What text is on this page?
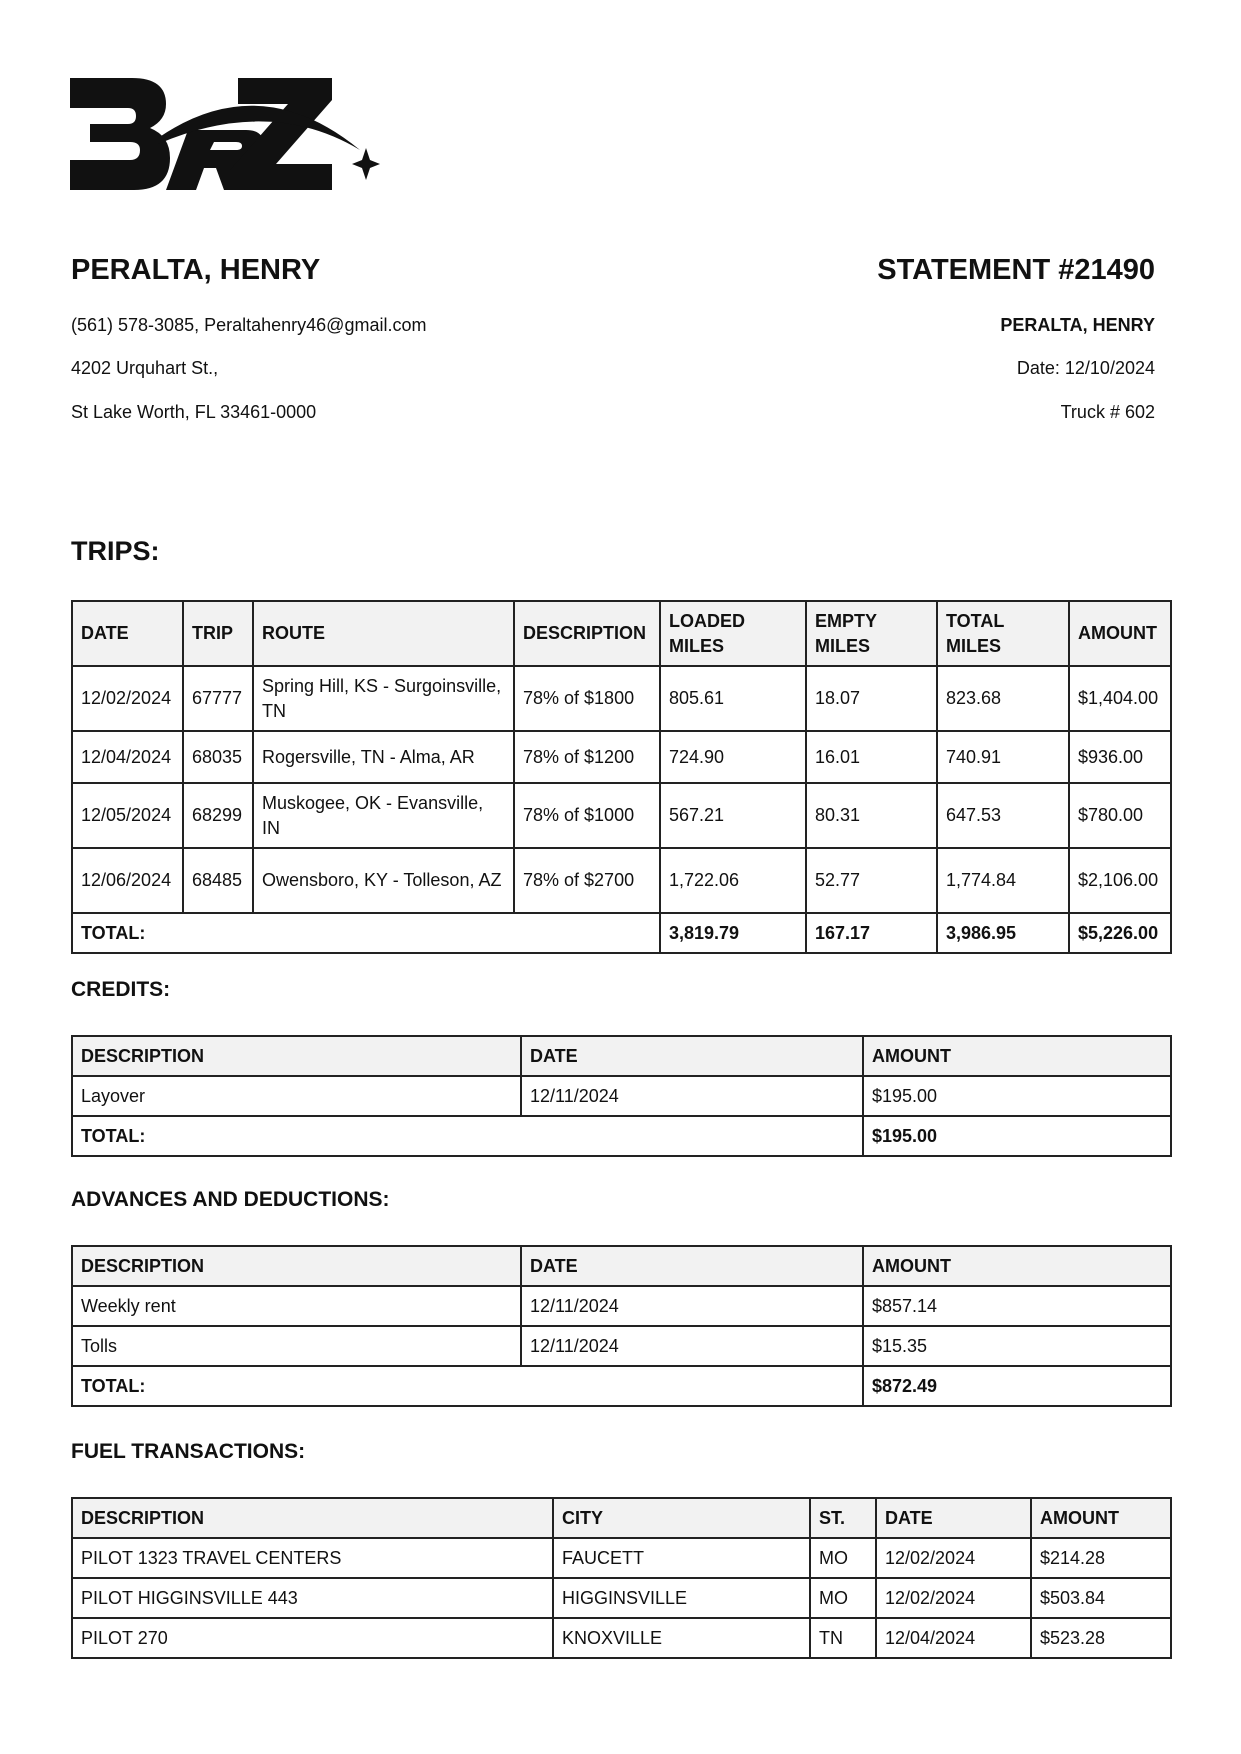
PERALTA, HENRY	STATEMENT #21490
(561) 578-3085, Peraltahenry46@gmail.com
4202 Urquhart St.,
St Lake Worth, FL 33461-0000
PERALTA, HENRY
Date: 12/10/2024
Truck # 602
TRIPS:
DATE	TRIP	ROUTE	DESCRIPTION	LOADED MILES	EMPTY MILES	TOTAL MILES	AMOUNT
12/02/2024	67777	Spring Hill, KS - Surgoinsville, TN	78% of $1800	805.61	18.07	823.68	$1,404.00
12/04/2024	68035	Rogersville, TN - Alma, AR	78% of $1200	724.90	16.01	740.91	$936.00
12/05/2024	68299	Muskogee, OK - Evansville, IN	78% of $1000	567.21	80.31	647.53	$780.00
12/06/2024	68485	Owensboro, KY - Tolleson, AZ	78% of $2700	1,722.06	52.77	1,774.84	$2,106.00
TOTAL:				3,819.79	167.17	3,986.95	$5,226.00
CREDITS:
DESCRIPTION	DATE	AMOUNT
Layover	12/11/2024	$195.00
TOTAL:		$195.00
ADVANCES AND DEDUCTIONS:
DESCRIPTION	DATE	AMOUNT
Weekly rent	12/11/2024	$857.14
Tolls	12/11/2024	$15.35
TOTAL:		$872.49
FUEL TRANSACTIONS:
DESCRIPTION	CITY	ST.	DATE	AMOUNT
PILOT 1323 TRAVEL CENTERS	FAUCETT	MO	12/02/2024	$214.28
PILOT HIGGINSVILLE 443	HIGGINSVILLE	MO	12/02/2024	$503.84
PILOT 270	KNOXVILLE	TN	12/04/2024	$523.28
